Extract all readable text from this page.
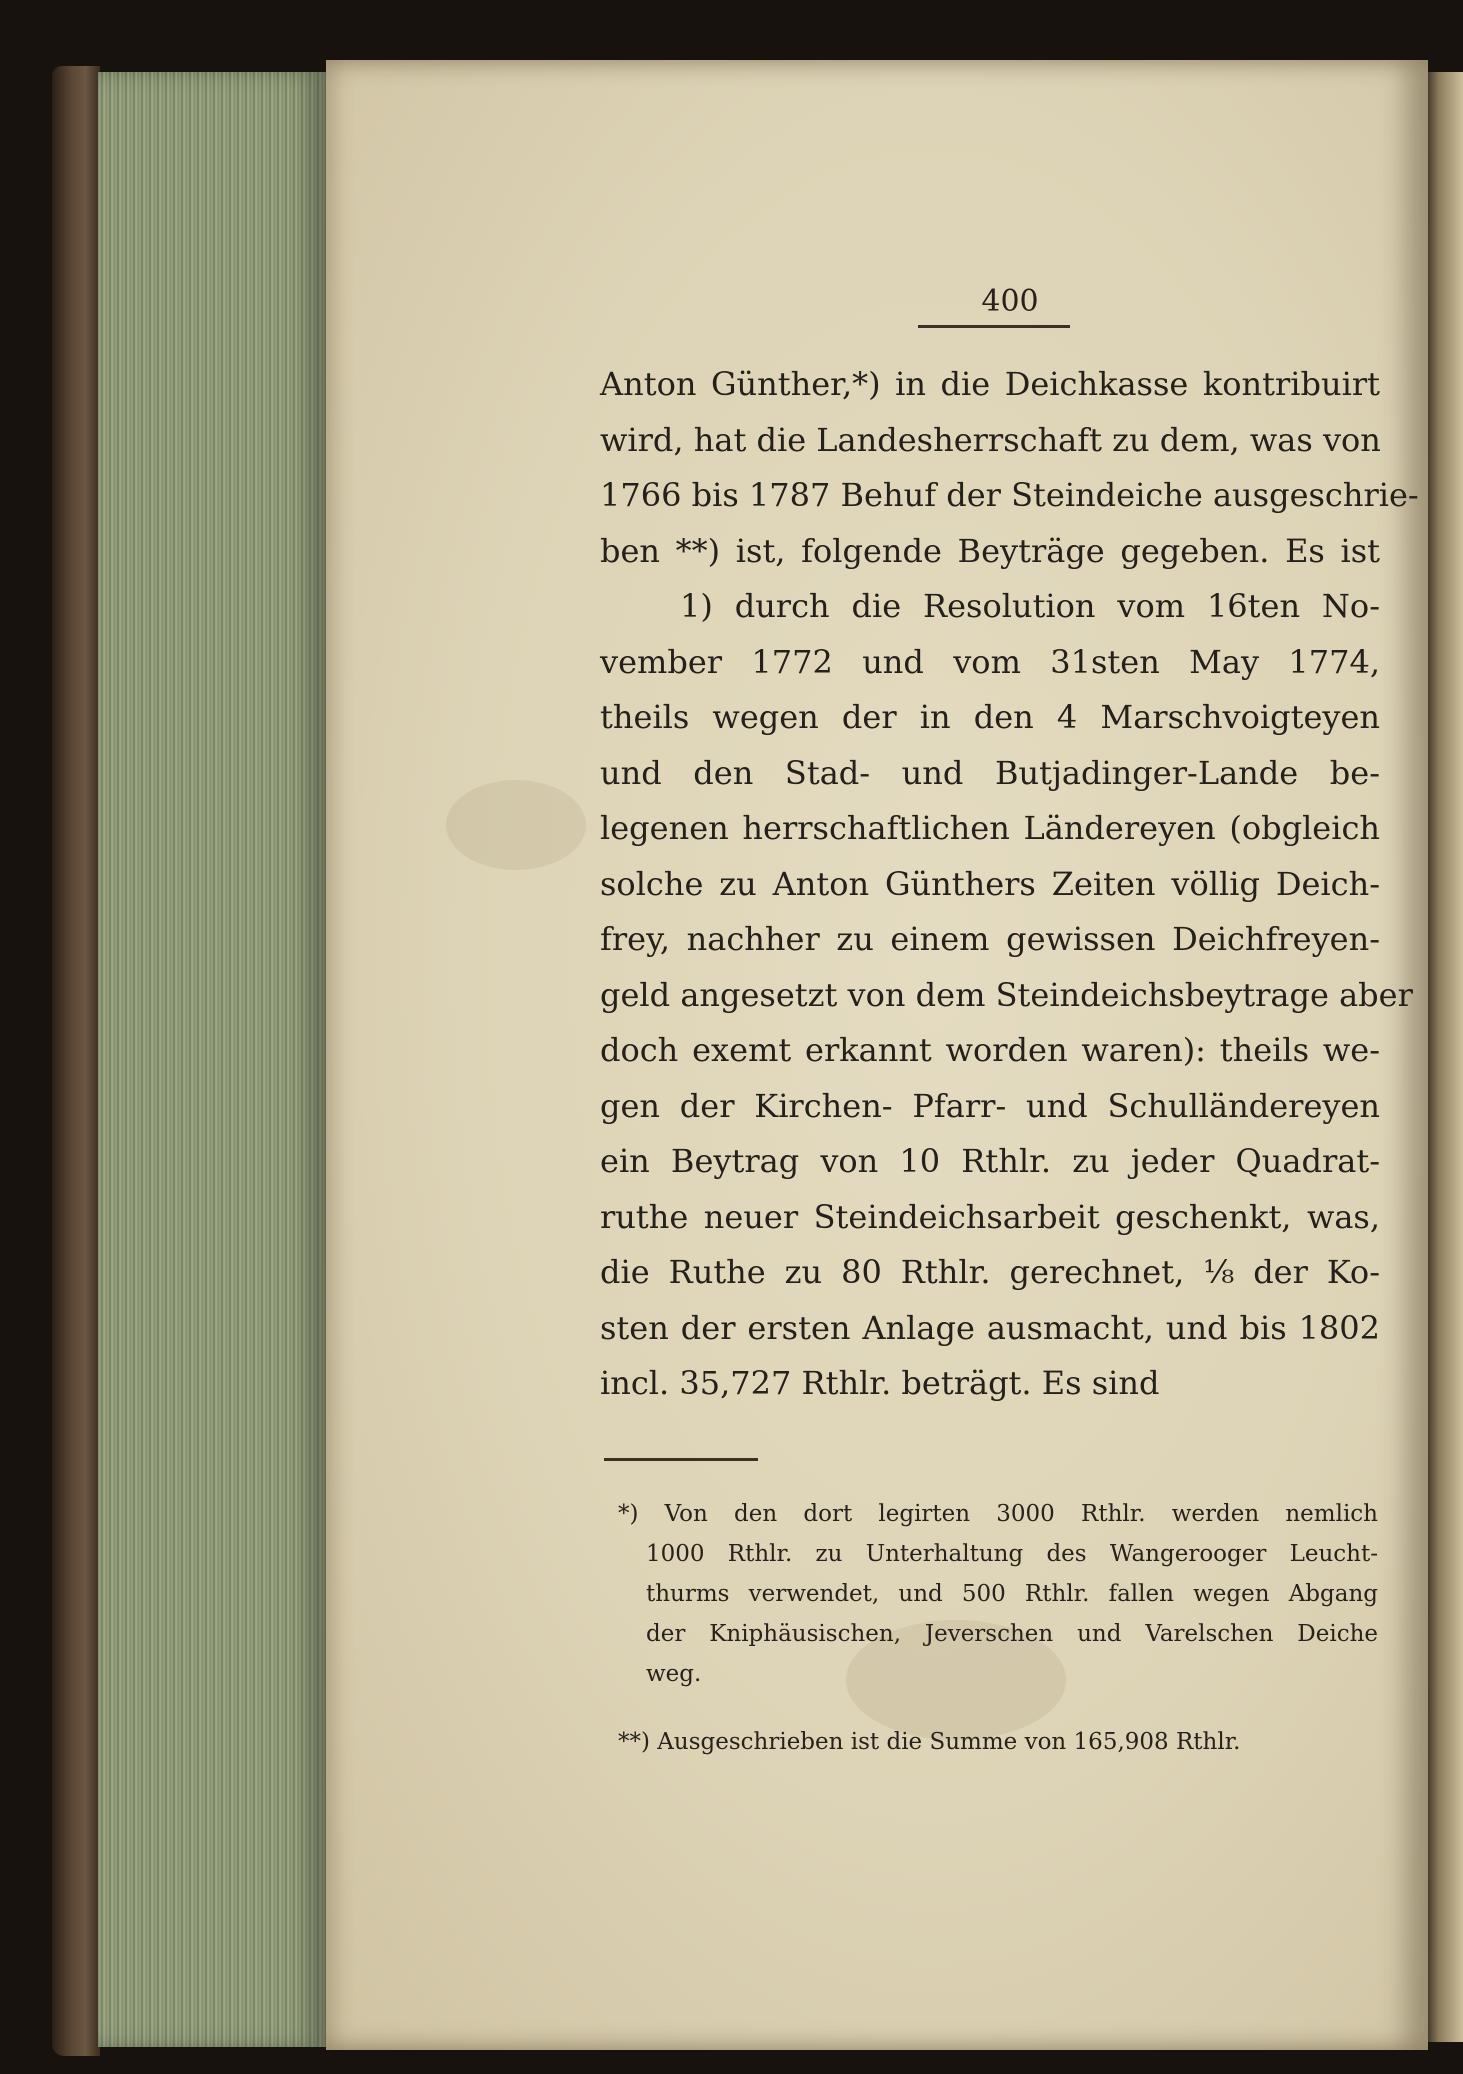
400
Anton Günther,*) in die Deichkasse kontribuirt
wird, hat die Landesherrschaft zu dem, was von
1766 bis 1787 Behuf der Steindeiche ausgeschrie-
ben **) ist, folgende Beyträge gegeben. Es ist
1) durch die Resolution vom 16ten No-
vember 1772 und vom 31sten May 1774,
theils wegen der in den 4 Marschvoigteyen
und den Stad- und Butjadinger-Lande be-
legenen herrschaftlichen Ländereyen (obgleich
solche zu Anton Günthers Zeiten völlig Deich-
frey, nachher zu einem gewissen Deichfreyen-
geld angesetzt von dem Steindeichsbeytrage aber
doch exemt erkannt worden waren): theils we-
gen der Kirchen- Pfarr- und Schulländereyen
ein Beytrag von 10 Rthlr. zu jeder Quadrat-
ruthe neuer Steindeichsarbeit geschenkt, was,
die Ruthe zu 80 Rthlr. gerechnet, ⅛ der Ko-
sten der ersten Anlage ausmacht, und bis 1802
incl. 35,727 Rthlr. beträgt. Es sind
*) Von den dort legirten 3000 Rthlr. werden nemlich
1000 Rthlr. zu Unterhaltung des Wangerooger Leucht-
thurms verwendet, und 500 Rthlr. fallen wegen Abgang
der Kniphäusischen, Jeverschen und Varelschen Deiche
weg.
**) Ausgeschrieben ist die Summe von 165,908 Rthlr.
